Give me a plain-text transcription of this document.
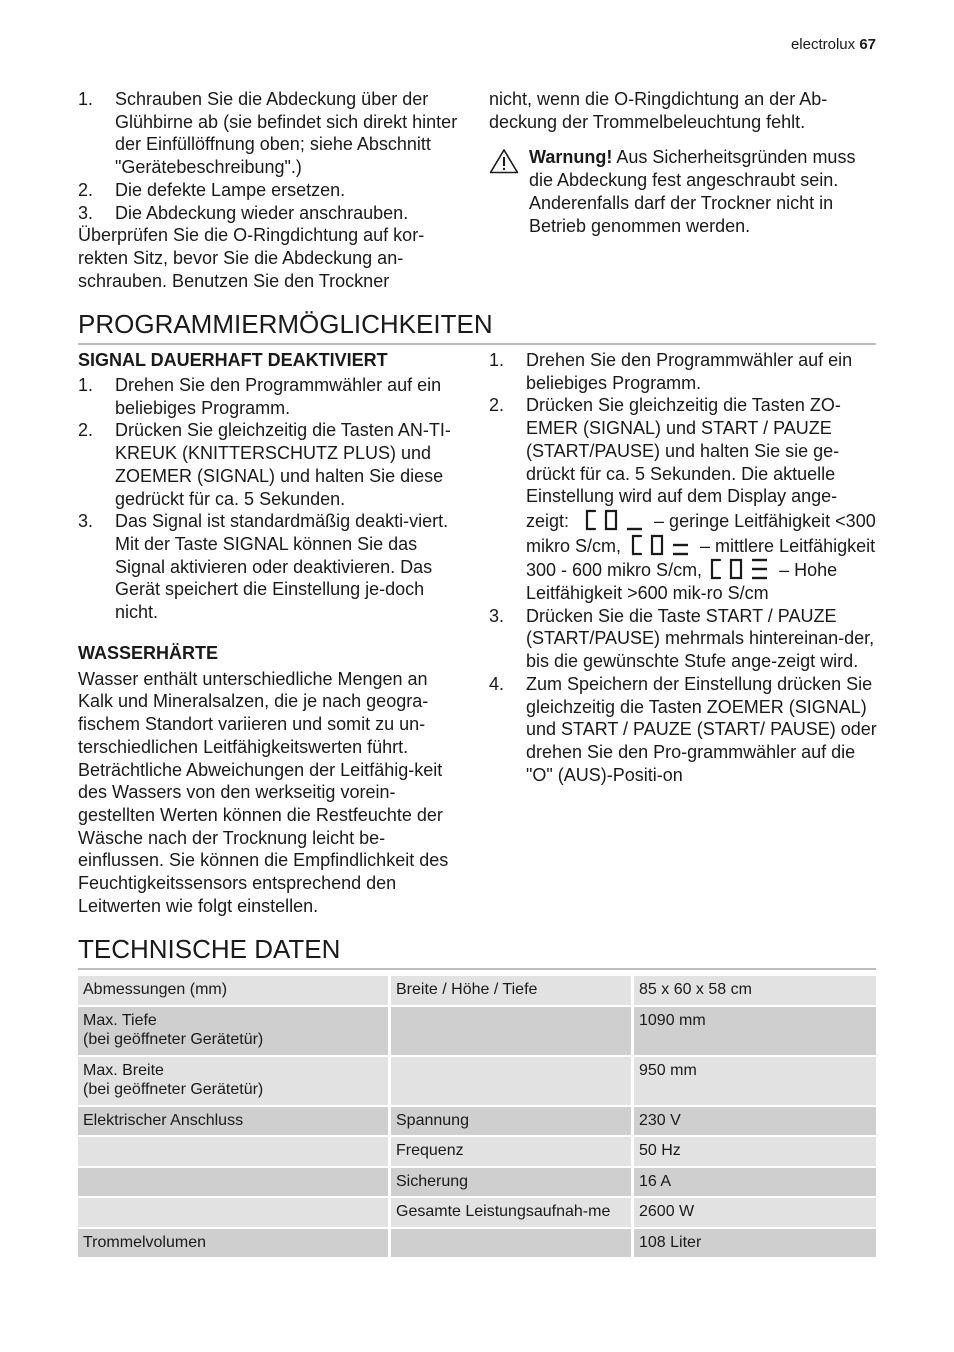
electrolux 67
1. Schrauben Sie die Abdeckung über der Glühbirne ab (sie befindet sich direkt hinter der Einfüllöffnung oben; siehe Abschnitt "Gerätebeschreibung".)
2. Die defekte Lampe ersetzen.
3. Die Abdeckung wieder anschrauben.

Überprüfen Sie die O-Ringdichtung auf kor-rekten Sitz, bevor Sie die Abdeckung an-schrauben. Benutzen Sie den Trockner

nicht, wenn die O-Ringdichtung an der Ab-deckung der Trommelbeleuchtung fehlt.

Warnung! Aus Sicherheitsgründen muss die Abdeckung fest angeschraubt sein. Anderenfalls darf der Trockner nicht in Betrieb genommen werden.
PROGRAMMIERMÖGLICHKEITEN
SIGNAL DAUERHAFT DEAKTIVIERT
1. Drehen Sie den Programmwähler auf ein beliebiges Programm.
2. Drücken Sie gleichzeitig die Tasten AN-TI-KREUK (KNITTERSCHUTZ PLUS) und ZOEMER (SIGNAL) und halten Sie diese gedrückt für ca. 5 Sekunden.
3. Das Signal ist standardmäßig deakti-viert. Mit der Taste SIGNAL können Sie das Signal aktivieren oder deaktivieren. Das Gerät speichert die Einstellung je-doch nicht.
WASSERHÄRTE

Wasser enthält unterschiedliche Mengen an Kalk und Mineralsalzen, die je nach geogra-fischem Standort variieren und somit zu un-terschiedlichen Leitfähigkeitswerten führt. Beträchtliche Abweichungen der Leitfähig-keit des Wassers von den werkseitig vorein-gestellten Werten können die Restfeuchte der Wäsche nach der Trocknung leicht be-einflussen. Sie können die Empfindlichkeit des Feuchtigkeitssensors entsprechend den Leitwerten wie folgt einstellen.

1. Drehen Sie den Programmwähler auf ein beliebiges Programm.
2. Drücken Sie gleichzeitig die Tasten ZO-EMER (SIGNAL) und START / PAUZE (START/PAUSE) und halten Sie sie ge-drückt für ca. 5 Sekunden. Die aktuelle Einstellung wird auf dem Display ange-zeigt:	– geringe Leitfähigkeit <300 mikro S/cm,	– mittlere Leitfähigkeit 300 - 600 mikro S/cm,	– Hohe Leitfähigkeit >600 mik-ro S/cm
3. Drücken Sie die Taste START / PAUZE (START/PAUSE) mehrmals hintereinan-der, bis die gewünschte Stufe ange-zeigt wird.
4. Zum Speichern der Einstellung drücken Sie gleichzeitig die Tasten ZOEMER (SIGNAL) und START / PAUZE (START/ PAUSE) oder drehen Sie den Pro-grammwähler auf die "O" (AUS)-Positi-on
TECHNISCHE DATEN
Abmessungen (mm)	Breite / Höhe / Tiefe	85 x 60 x 58 cm

Max. Tiefe
(bei geöffneter Gerätetür)		1090 mm

Max. Breite
(bei geöffneter Gerätetür)		950 mm

Elektrischer Anschluss	Spannung	230 V

	Frequenz	50 Hz

	Sicherung	16 A

	Gesamte Leistungsaufnah-me	2600 W

Trommelvolumen		108 Liter
